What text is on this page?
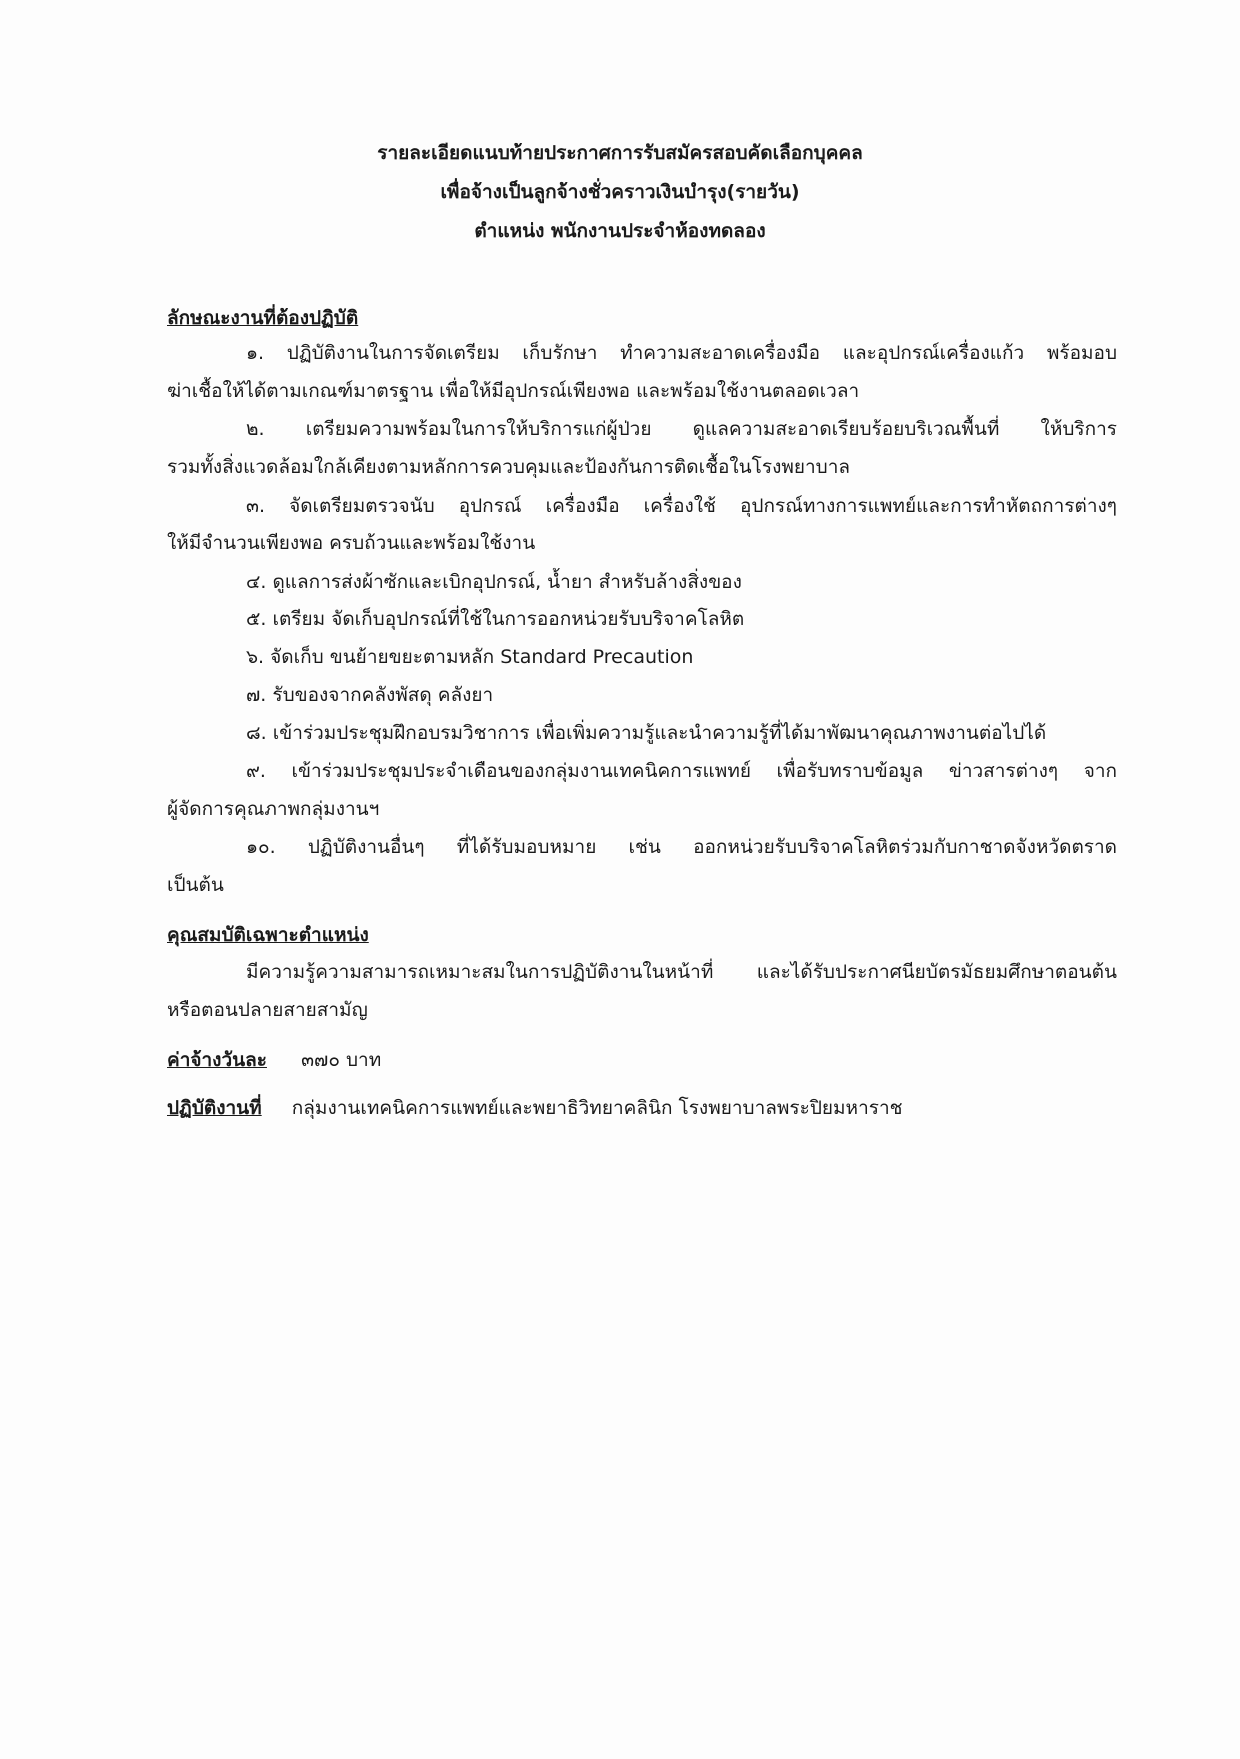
รายละเอียดแนบท้ายประกาศการรับสมัครสอบคัดเลือกบุคคล
เพื่อจ้างเป็นลูกจ้างชั่วคราวเงินบำรุง(รายวัน)
ตำแหน่ง พนักงานประจำห้องทดลอง
ลักษณะงานที่ต้องปฏิบัติ
๑. ปฏิบัติงานในการจัดเตรียม เก็บรักษา ทำความสะอาดเครื่องมือ และอุปกรณ์เครื่องแก้ว พร้อมอบ
ฆ่าเชื้อให้ได้ตามเกณฑ์มาตรฐาน เพื่อให้มีอุปกรณ์เพียงพอ และพร้อมใช้งานตลอดเวลา
๒. เตรียมความพร้อมในการให้บริการแก่ผู้ป่วย ดูแลความสะอาดเรียบร้อยบริเวณพื้นที่ ให้บริการ
รวมทั้งสิ่งแวดล้อมใกล้เคียงตามหลักการควบคุมและป้องกันการติดเชื้อในโรงพยาบาล
๓. จัดเตรียมตรวจนับ อุปกรณ์ เครื่องมือ เครื่องใช้ อุปกรณ์ทางการแพทย์และการทำหัตถการต่างๆ
ให้มีจำนวนเพียงพอ ครบถ้วนและพร้อมใช้งาน
๔. ดูแลการส่งผ้าซักและเบิกอุปกรณ์, น้ำยา สำหรับล้างสิ่งของ
๕. เตรียม จัดเก็บอุปกรณ์ที่ใช้ในการออกหน่วยรับบริจาคโลหิต
๖. จัดเก็บ ขนย้ายขยะตามหลัก Standard Precaution
๗. รับของจากคลังพัสดุ คลังยา
๘. เข้าร่วมประชุมฝึกอบรมวิชาการ เพื่อเพิ่มความรู้และนำความรู้ที่ได้มาพัฒนาคุณภาพงานต่อไปได้
๙. เข้าร่วมประชุมประจำเดือนของกลุ่มงานเทคนิคการแพทย์ เพื่อรับทราบข้อมูล ข่าวสารต่างๆ จาก
ผู้จัดการคุณภาพกลุ่มงานฯ
๑๐. ปฏิบัติงานอื่นๆ ที่ได้รับมอบหมาย เช่น ออกหน่วยรับบริจาคโลหิตร่วมกับกาชาดจังหวัดตราด
เป็นต้น
คุณสมบัติเฉพาะตำแหน่ง
มีความรู้ความสามารถเหมาะสมในการปฏิบัติงานในหน้าที่ และได้รับประกาศนียบัตรมัธยมศึกษาตอนต้น
หรือตอนปลายสายสามัญ
ค่าจ้างวันละ ๓๗๐ บาท
ปฏิบัติงานที่ กลุ่มงานเทคนิคการแพทย์และพยาธิวิทยาคลินิก โรงพยาบาลพระปิยมหาราช
